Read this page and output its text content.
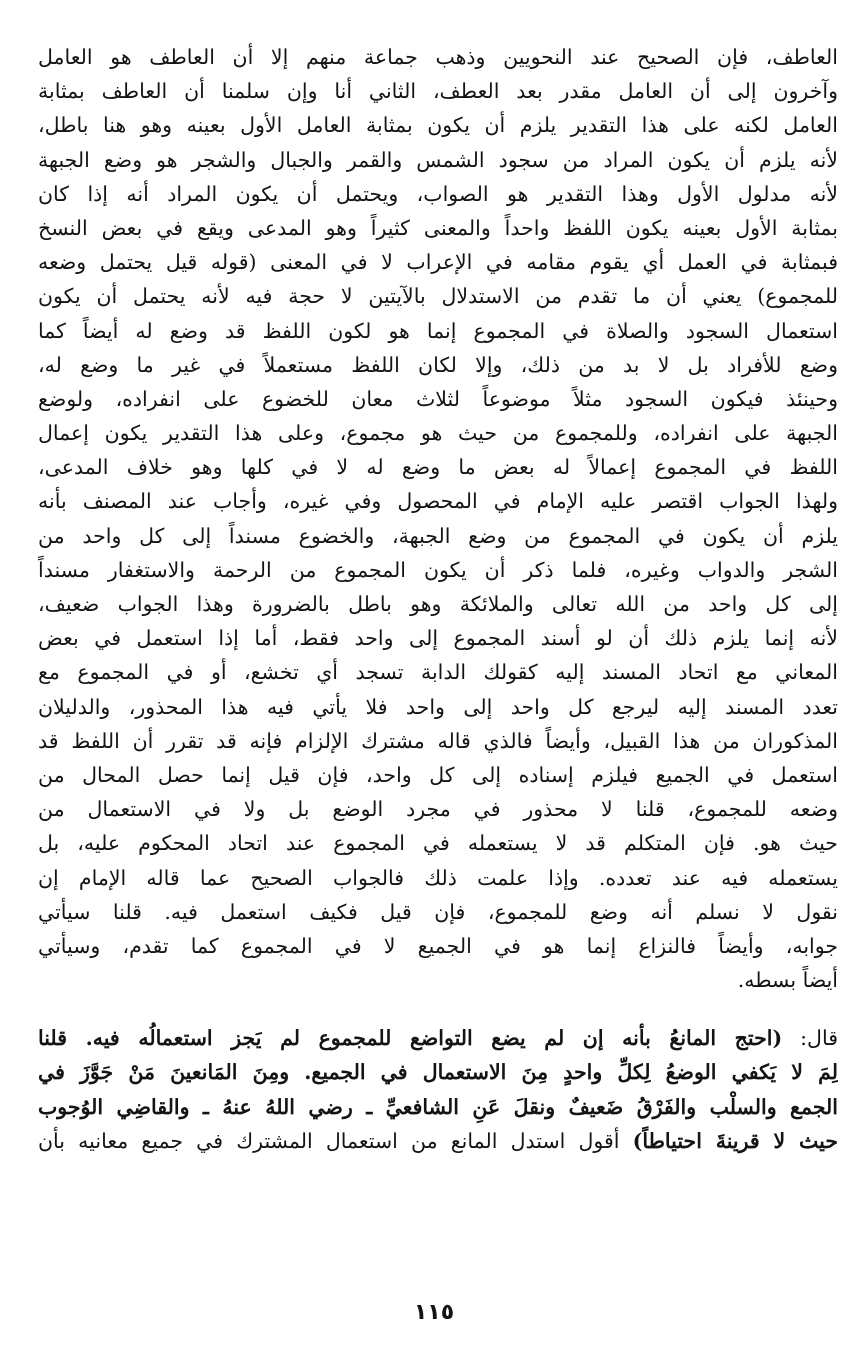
العاطف، فإن الصحيح عند النحويين وذهب جماعة منهم إلا أن العاطف هو العامل
وآخرون إلى أن العامل مقدر بعد العطف، الثاني أنا وإن سلمنا أن العاطف بمثابة
العامل لكنه على هذا التقدير يلزم أن يكون بمثابة العامل الأول بعينه وهو هنا باطل،
لأنه يلزم أن يكون المراد من سجود الشمس والقمر والجبال والشجر هو وضع الجبهة
لأنه مدلول الأول وهذا التقدير هو الصواب، ويحتمل أن يكون المراد أنه إذا كان
بمثابة الأول بعينه يكون اللفظ واحداً والمعنى كثيراً وهو المدعى ويقع في بعض النسخ
فبمثابة في العمل أي يقوم مقامه في الإعراب لا في المعنى (قوله قيل يحتمل وضعه
للمجموع) يعني أن ما تقدم من الاستدلال بالآيتين لا حجة فيه لأنه يحتمل أن يكون
استعمال السجود والصلاة في المجموع إنما هو لكون اللفظ قد وضع له أيضاً كما
وضع للأفراد بل لا بد من ذلك، وإلا لكان اللفظ مستعملاً في غير ما وضع له،
وحينئذ فيكون السجود مثلاً موضوعاً لثلاث معان للخضوع على انفراده، ولوضع
الجبهة على انفراده، وللمجموع من حيث هو مجموع، وعلى هذا التقدير يكون إعمال
اللفظ في المجموع إعمالاً له بعض ما وضع له لا في كلها وهو خلاف المدعى،
ولهذا الجواب اقتصر عليه الإمام في المحصول وفي غيره، وأجاب عند المصنف بأنه
يلزم أن يكون في المجموع من وضع الجبهة، والخضوع مسنداً إلى كل واحد من
الشجر والدواب وغيره، فلما ذكر أن يكون المجموع من الرحمة والاستغفار مسنداً
إلى كل واحد من الله تعالى والملائكة وهو باطل بالضرورة وهذا الجواب ضعيف،
لأنه إنما يلزم ذلك أن لو أسند المجموع إلى واحد فقط، أما إذا استعمل في بعض
المعاني مع اتحاد المسند إليه كقولك الدابة تسجد أي تخشع، أو في المجموع مع
تعدد المسند إليه ليرجع كل واحد إلى واحد فلا يأتي فيه هذا المحذور، والدليلان
المذكوران من هذا القبيل، وأيضاً فالذي قاله مشترك الإلزام فإنه قد تقرر أن اللفظ قد
استعمل في الجميع فيلزم إسناده إلى كل واحد، فإن قيل إنما حصل المحال من
وضعه للمجموع، قلنا لا محذور في مجرد الوضع بل ولا في الاستعمال من
حيث هو. فإن المتكلم قد لا يستعمله في المجموع عند اتحاد المحكوم عليه، بل
يستعمله فيه عند تعدده. وإذا علمت ذلك فالجواب الصحيح عما قاله الإمام إن
نقول لا نسلم أنه وضع للمجموع، فإن قيل فكيف استعمل فيه. قلنا سيأتي
جوابه، وأيضاً فالنزاع إنما هو في الجميع لا في المجموع كما تقدم، وسيأتي
أيضاً بسطه.
قال: (احتج المانعُ بأنه إن لم يضع التواضع للمجموع لم يَجز استعمالُه فيه. قلنا
لِمَ لا يَكفي الوضعُ لِكلِّ واحدٍ مِنَ الاستعمال في الجميع. ومِنَ المَانعينَ مَنْ جَوَّزَ في
الجمع والسلْب والفَرْقُ ضَعيفٌ ونقلَ عَنِ الشافعيِّ ـ رضي اللهُ عنهُ ـ والقاضِي الوُجوب
حيث لا قرينةَ احتياطاً) أقول استدل المانع من استعمال المشترك في جميع معانيه بأن
١١٥
